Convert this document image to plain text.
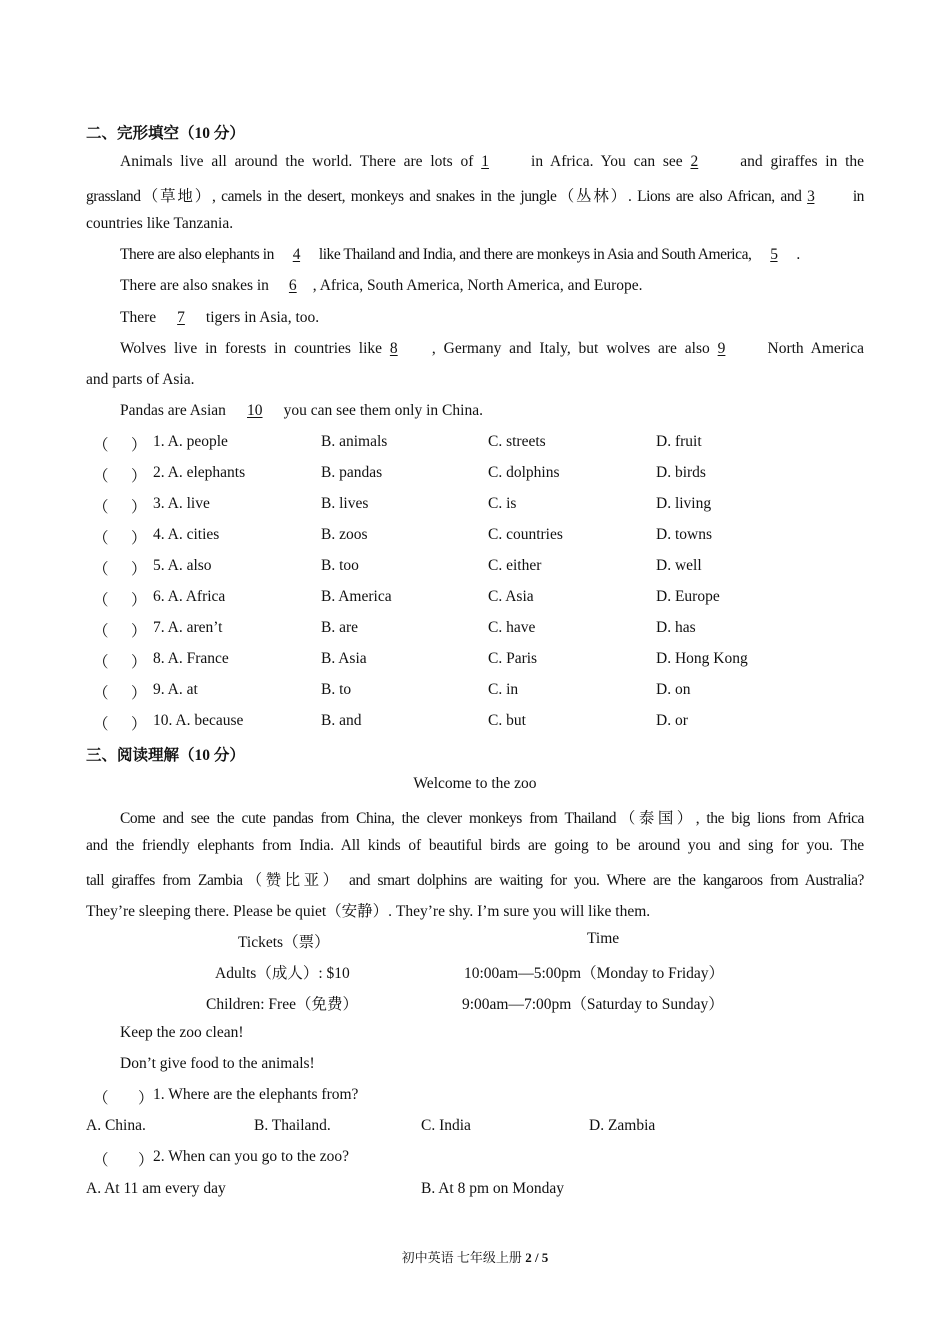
二、完形填空（10 分）
Animals live all around the world. There are lots of 1	in Africa. You can see 2	and giraffes in the
grassland（草地）, camels in the desert, monkeys and snakes in the jungle（丛林）. Lions are also African, and 3 in
countries like Tanzania.
There are also elephants in 4 like Thailand and India, and there are monkeys in Asia and South America, 5 .
There are also snakes in 6 , Africa, South America, North America, and Europe.
There 7 tigers in Asia, too.
Wolves live in forests in countries like 8 , Germany and Italy, but wolves are also 9	North America
and parts of Asia.
Pandas are Asian 10 you can see them only in China.
（ ） 1. A. people	B. animals	C. streets	D. fruit
（ ） 2. A. elephants	B. pandas	C. dolphins	D. birds
（ ） 3. A. live	B. lives	C. is	D. living
（ ） 4. A. cities	B. zoos	C. countries	D. towns
（ ） 5. A. also	B. too	C. either	D. well
（ ） 6. A. Africa	B. America	C. Asia	D. Europe
（ ） 7. A. aren’t	B. are	C. have	D. has
（ ） 8. A. France	B. Asia	C. Paris	D. Hong Kong
（ ） 9. A. at	B. to	C. in	D. on
（ ） 10. A. because	B. and	C. but	D. or
三、阅读理解（10 分）
Welcome to the zoo
Come and see the cute pandas from China, the clever monkeys from Thailand（泰国）, the big lions from Africa
and the friendly elephants from India. All kinds of beautiful birds are going to be around you and sing for you. The
tall giraffes from Zambia（赞比亚） and smart dolphins are waiting for you. Where are the kangaroos from Australia?
They’re sleeping there. Please be quiet（安静）. They’re shy. I’m sure you will like them.
Tickets（票）	Time
Adults（成人）: $10	10:00am—5:00pm（Monday to Friday）
Children: Free（免费）	9:00am—7:00pm（Saturday to Sunday）
Keep the zoo clean!
Don’t give food to the animals!
（ ） 1. Where are the elephants from?
A. China.	B. Thailand.	C. India	D. Zambia
（ ） 2. When can you go to the zoo?
A. At 11 am every day	B. At 8 pm on Monday
初中英语 七年级上册 2 / 5
